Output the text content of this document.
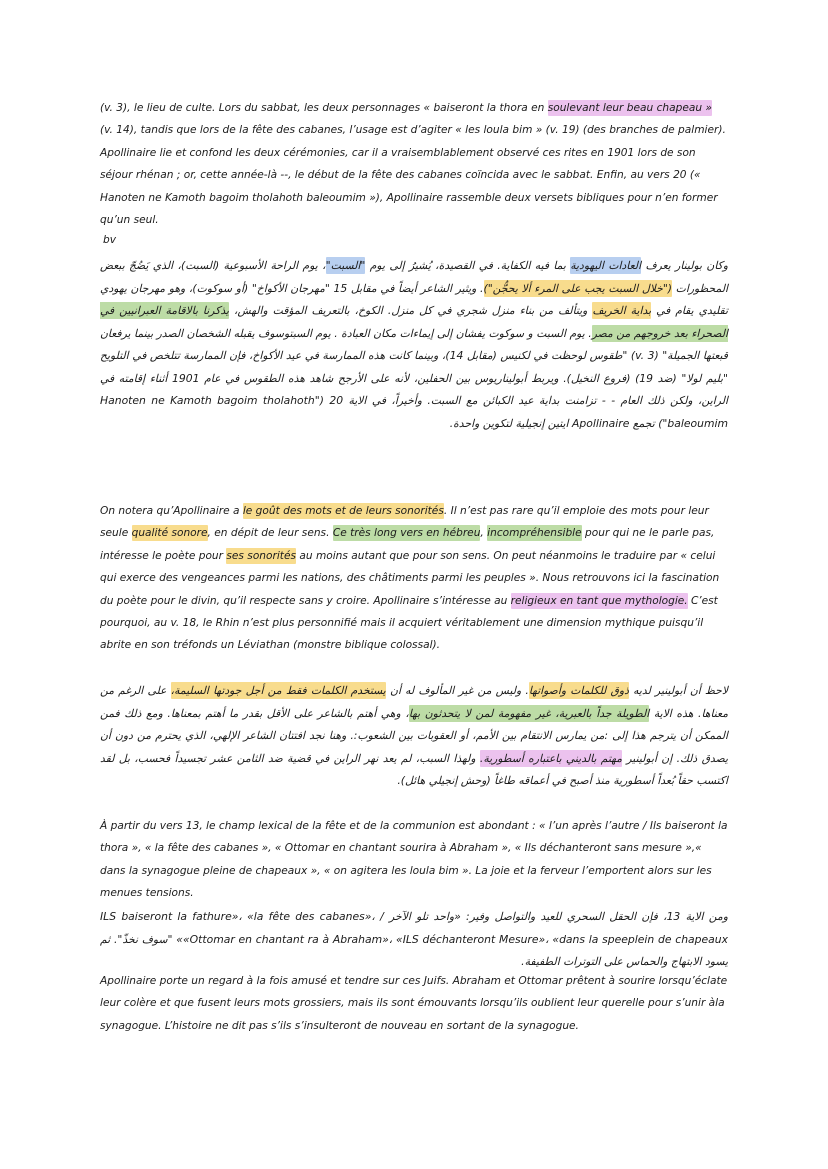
(v. 3), le lieu de culte. Lors du sabbat, les deux personnages « baiseront la thora en soulevant leur beau chapeau » (v. 14), tandis que lors de la fête des cabanes, l’usage est d’agiter « les loula bim » (v. 19) (des branches de palmier). Apollinaire lie et confond les deux cérémonies, car il a vraisemblablement observé ces rites en 1901 lors de son séjour rhénan ; or, cette année-là --, le début de la fête des cabanes coïncida avec le sabbat. Enfin, au vers 20 (« Hanoten ne Kamoth bagoim tholahoth baleoumim »), Apollinaire rassemble deux versets bibliques pour n’en former qu’un seul.
bv
وكان بولينار يعرف العادات اليهودية بما فيه الكفاية. في القصيدة، يُشيرُ إلى يوم "السبت"، يوم الراحة الأسبوعية (السبت)، الذي يَضُجّ ببعض المحظورات ("خلال السبت يجب على المرء ألا يحجُّن"). ويثير الشاعر أيضاً في مقابل 15 "مهرجان الأكواخ" (أو سوكوت)، وهو مهرجان يهودي تقليدي يقام في بداية الخريف ويتألف من بناء منزل شجري في كل منزل. الكوخ، بالتعريف المؤقت والهش، يذكرنا بالاقامة العبرانيين في الصحراء بعد خروجهم من مصر. يوم السبت و سوكوت يفشان إلى إيماءات مكان العبادة . يوم السبتوسوف يقبله الشخصان الصدر بينما يرفعان قبعتها الجميلة" (v. 3) "طقوس لوحظت في لكنيس (مقابل 14)، وبينما كانت هذه الممارسة في عيد الأكواخ، فإن الممارسة تتلخص في التلويح "بليم لولا" (ضد 19) (فروع النخيل). ويربط أبوليناريوس بين الحفلين، لأنه على الأرجح شاهد هذه الطقوس في عام 1901 أثناء إقامته في الراين، ولكن ذلك العام - - تزامنت بداية عيد الكبائن مع السبت. وأخيراً، في الاية 20 ("Hanoten ne Kamoth bagoim tholahoth baleoumim") تجمع Apollinaire ايتين إنجيلية لتكوين واحدة.
On notera qu’Apollinaire a le goût des mots et de leurs sonorités. Il n’est pas rare qu’il emploie des mots pour leur seule qualité sonore, en dépit de leur sens. Ce très long vers en hébreu, incompréhensible pour qui ne le parle pas, intéresse le poète pour ses sonorités au moins autant que pour son sens. On peut néanmoins le traduire par « celui qui exerce des vengeances parmi les nations, des châtiments parmi les peuples ». Nous retrouvons ici la fascination du poète pour le divin, qu’il respecte sans y croire. Apollinaire s’intéresse au religieux en tant que mythologie. C’est pourquoi, au v. 18, le Rhin n’est plus personnifié mais il acquiert véritablement une dimension mythique puisqu’il abrite en son tréfonds un Léviathan (monstre biblique colossal).
لاحظ أن أبولينير لديه ذوق للكلمات وأصواتها. وليس من غير المألوف له أن يستخدم الكلمات فقط من أجل جودتها السليمة، على الرغم من معناها. هذه الاية الطويلة جداً بالعبرية، غير مفهومة لمن لا يتحدثون بها، وهي أهتم بالشاعر على الأقل بقدر ما أهتم بمعناها. ومع ذلك فمن الممكن أن يترجم هذا إلى :من يمارس الانتقام بين الأمم، أو العقوبات بين الشعوب:. وهنا نجد افتتان الشاعر الإلهي، الذي يحترم من دون أن يصدق ذلك. إن أبولينير مهتم بالديني باعتباره أسطورية. ولهذا السبب، لم يعد نهر الراين في قضية ضد الثامن عشر تجسيداً فحسب، بل لقد اكتسب حقاً بُعداً أسطورية منذ أصبح في أعماقه طاغاً (وحش إنجيلي هائل).
À partir du vers 13, le champ lexical de la fête et de la communion est abondant : « l’un après l’autre / Ils baiseront la thora », « la fête des cabanes », « Ottomar en chantant sourira à Abraham », « Ils déchanteront sans mesure »,« dans la synagogue pleine de chapeaux », « on agitera les loula bim ». La joie et la ferveur l’emportent alors sur les menues tensions.
ومن الاية 13، فإن الحقل السحري للعيد والتواصل وفير: «واحد تلو الآخر / ILS baiseront la fathure»، «la fête des cabanes»، «Ottomar en chantant ra à Abraham»، «ILS déchanteront Mesure»، «dans la speeplein de chapeaux» "سوف نخذّ". ثم يسود الابتهاج والحماس على التوترات الطفيفة.
Apollinaire porte un regard à la fois amusé et tendre sur ces Juifs. Abraham et Ottomar prêtent à sourire lorsqu’éclate leur colère et que fusent leurs mots grossiers, mais ils sont émouvants lorsqu’ils oublient leur querelle pour s’unir àla synagogue. L’histoire ne dit pas s’ils s’insulteront de nouveau en sortant de la synagogue.
